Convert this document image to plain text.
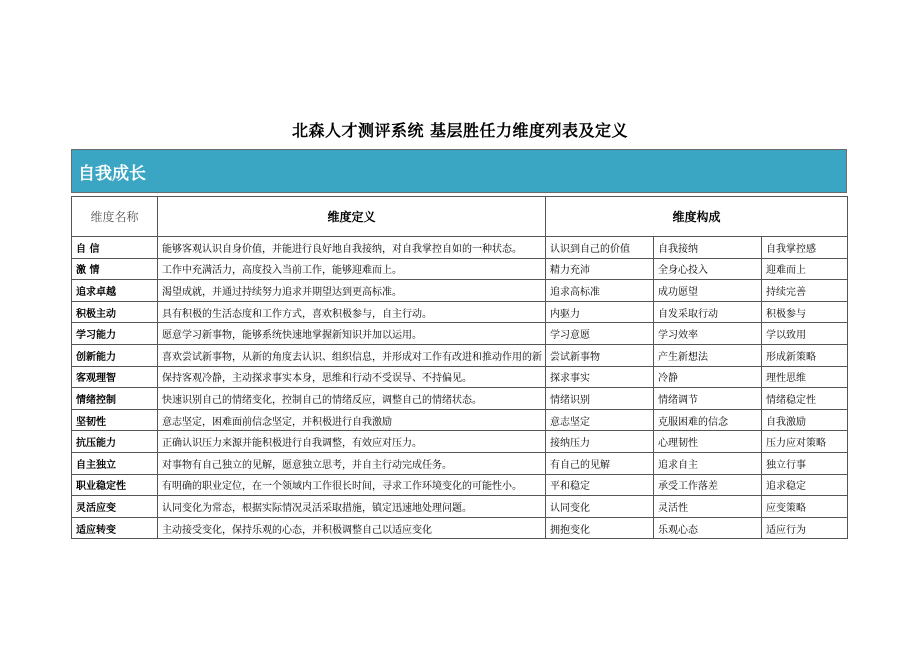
北森人才测评系统 基层胜任力维度列表及定义
自我成长
维度名称	维度定义	维度构成		
自 信	能够客观认识自身价值，并能进行良好地自我接纳，对自我掌控自如的一种状态。	认识到自己的价值	自我接纳	自我掌控感
激 情	工作中充满活力，高度投入当前工作，能够迎难而上。	精力充沛	全身心投入	迎难而上
追求卓越	渴望成就，并通过持续努力追求并期望达到更高标准。	追求高标准	成功愿望	持续完善
积极主动	具有积极的生活态度和工作方式，喜欢积极参与，自主行动。	内驱力	自发采取行动	积极参与
学习能力	愿意学习新事物，能够系统快速地掌握新知识并加以运用。	学习意愿	学习效率	学以致用
创新能力	喜欢尝试新事物，从新的角度去认识、组织信息，并形成对工作有改进和推动作用的新	尝试新事物	产生新想法	形成新策略
客观理智	保持客观冷静，主动探求事实本身，思维和行动不受误导、不持偏见。	探求事实	冷静	理性思维
情绪控制	快速识别自己的情绪变化，控制自己的情绪反应，调整自己的情绪状态。	情绪识别	情绪调节	情绪稳定性
坚韧性	意志坚定，困难面前信念坚定，并积极进行自我激励	意志坚定	克服困难的信念	自我激励
抗压能力	正确认识压力来源并能积极进行自我调整，有效应对压力。	接纳压力	心理韧性	压力应对策略
自主独立	对事物有自己独立的见解，愿意独立思考，并自主行动完成任务。	有自己的见解	追求自主	独立行事
职业稳定性	有明确的职业定位，在一个领域内工作很长时间，寻求工作环境变化的可能性小。	平和稳定	承受工作落差	追求稳定
灵活应变	认同变化为常态，根据实际情况灵活采取措施，镇定迅速地处理问题。	认同变化	灵活性	应变策略
适应转变	主动接受变化，保持乐观的心态，并积极调整自己以适应变化	拥抱变化	乐观心态	适应行为
